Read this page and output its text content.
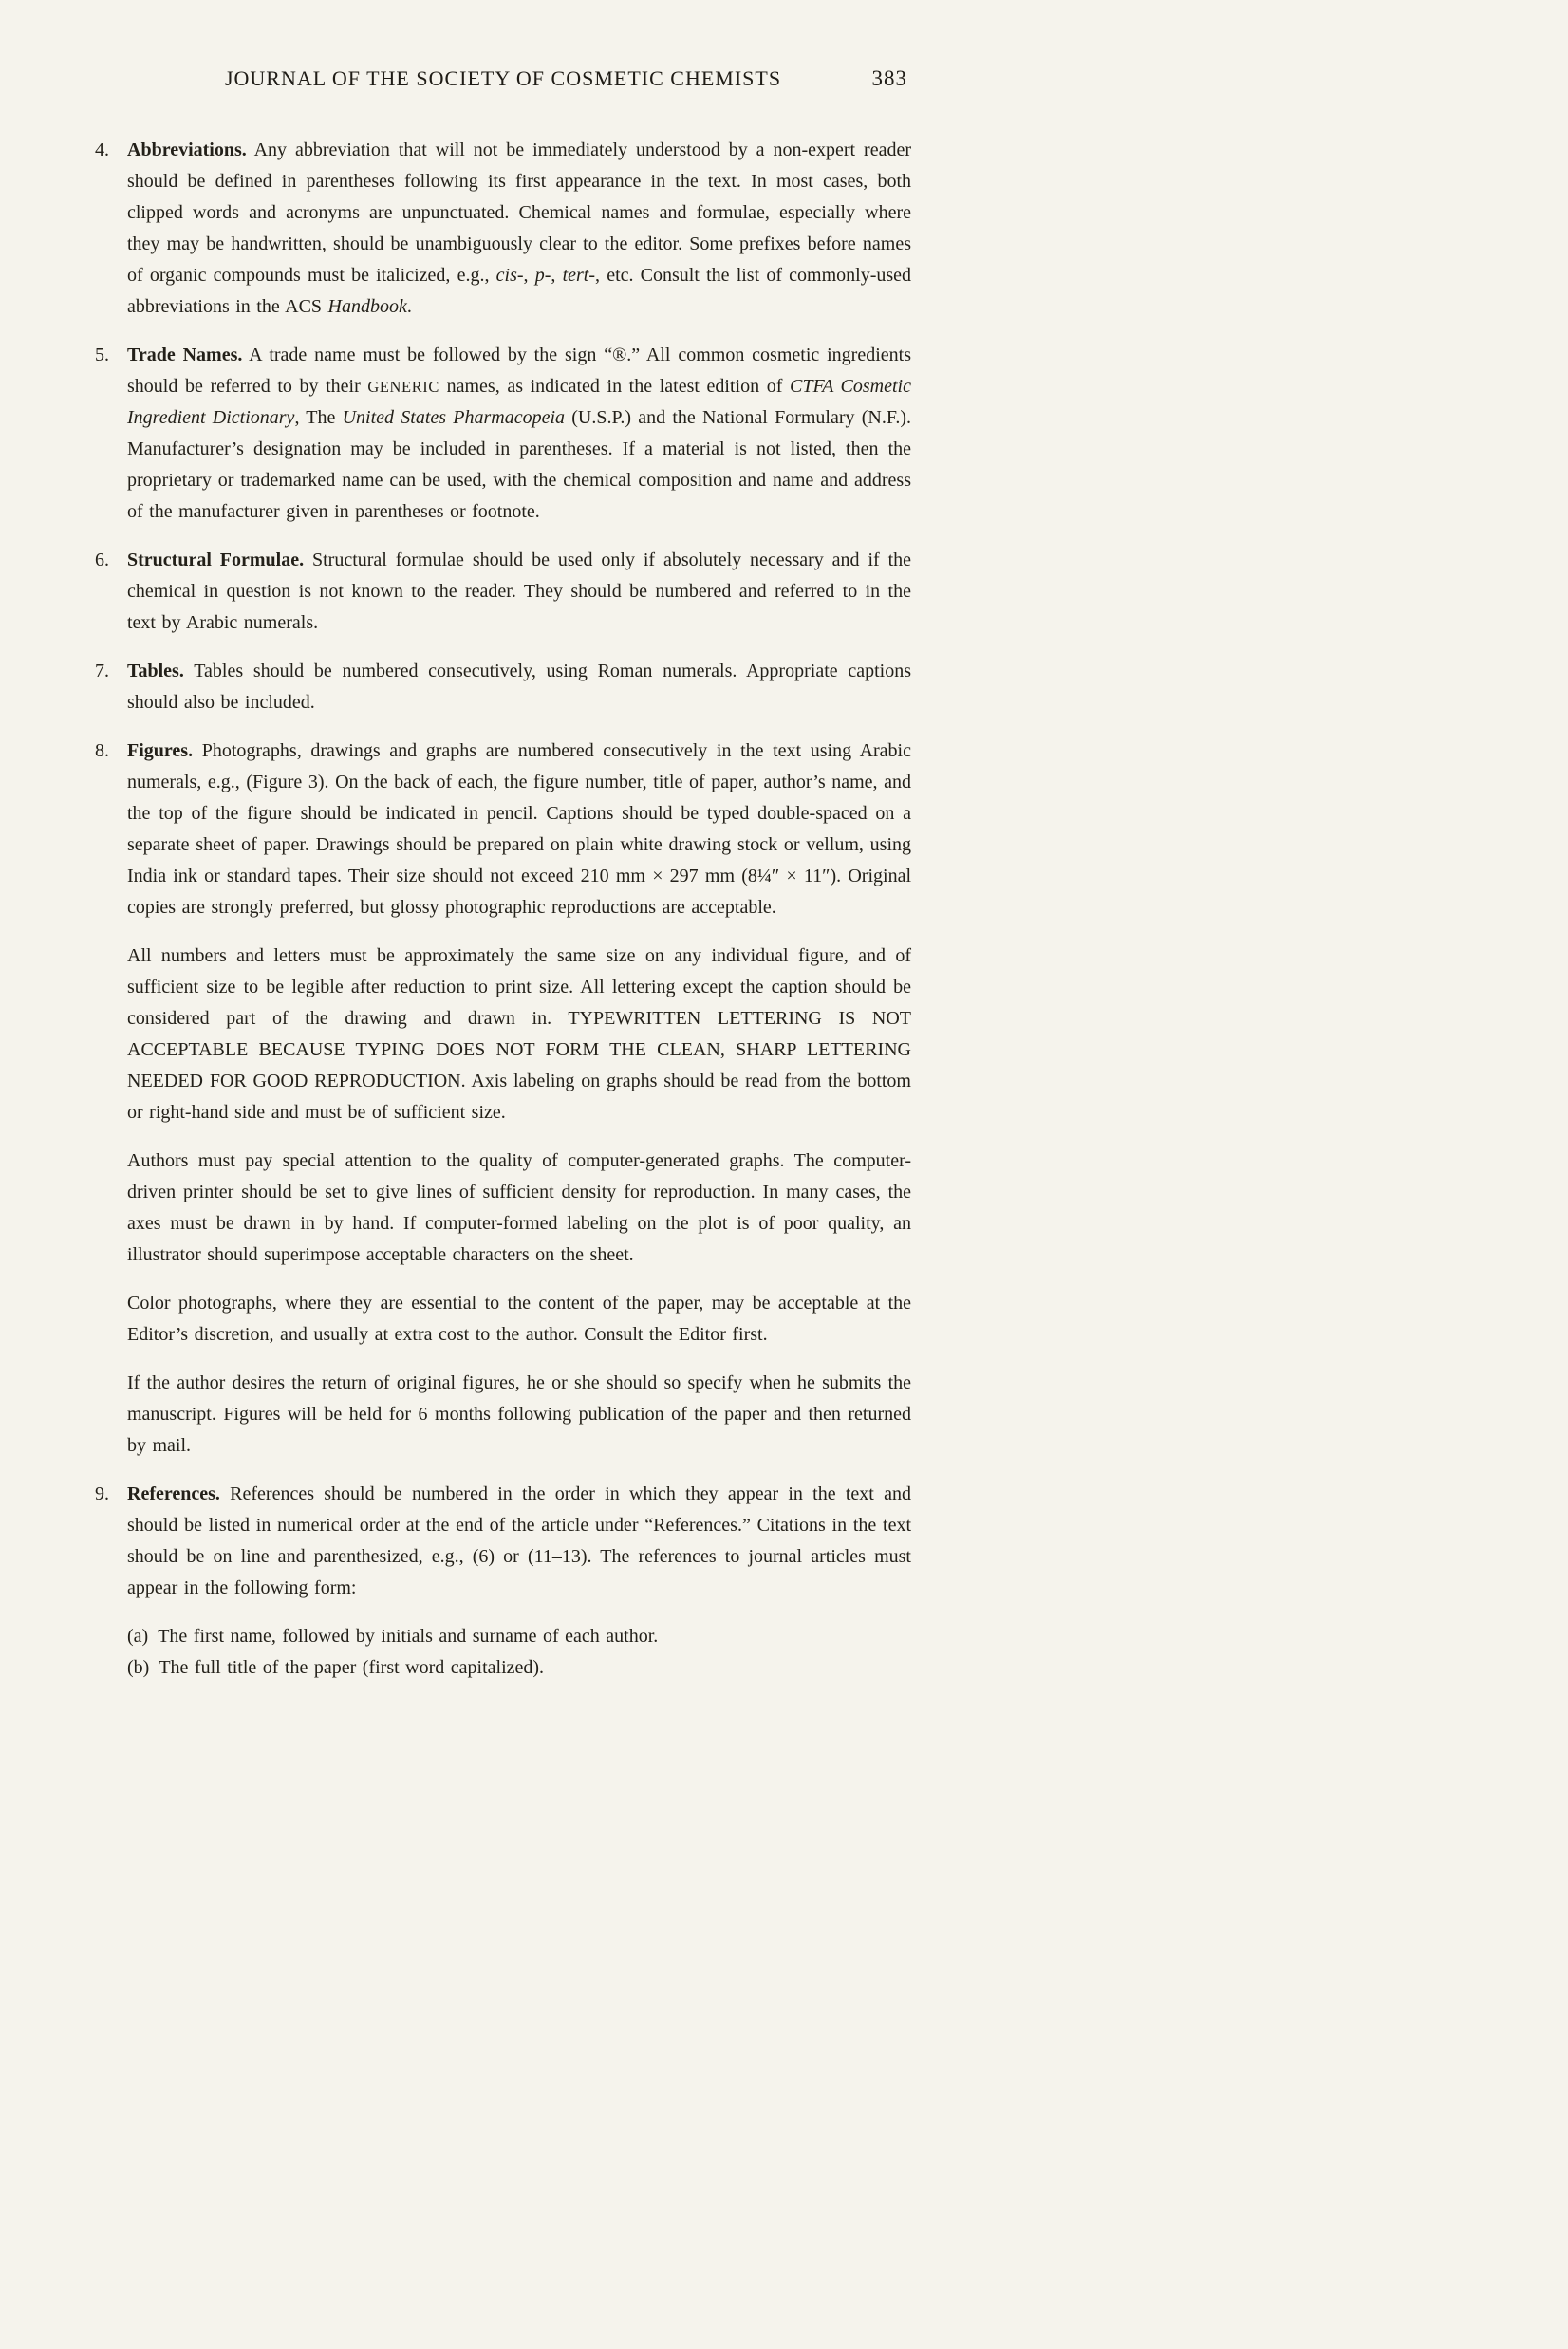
JOURNAL OF THE SOCIETY OF COSMETIC CHEMISTS	383
4. Abbreviations. Any abbreviation that will not be immediately understood by a non-expert reader should be defined in parentheses following its first appearance in the text. In most cases, both clipped words and acronyms are unpunctuated. Chemical names and formulae, especially where they may be handwritten, should be unambiguously clear to the editor. Some prefixes before names of organic compounds must be italicized, e.g., cis-, p-, tert-, etc. Consult the list of commonly-used abbreviations in the ACS Handbook.

5. Trade Names. A trade name must be followed by the sign “®.” All common cosmetic ingredients should be referred to by their GENERIC names, as indicated in the latest edition of CTFA Cosmetic Ingredient Dictionary, The United States Pharmacopeia (U.S.P.) and the National Formulary (N.F.). Manufacturer’s designation may be included in parentheses. If a material is not listed, then the proprietary or trademarked name can be used, with the chemical composition and name and address of the manufacturer given in parentheses or footnote.

6. Structural Formulae. Structural formulae should be used only if absolutely necessary and if the chemical in question is not known to the reader. They should be numbered and referred to in the text by Arabic numerals.

7. Tables. Tables should be numbered consecutively, using Roman numerals. Appropriate captions should also be included.

8. Figures. Photographs, drawings and graphs are numbered consecutively in the text using Arabic numerals, e.g., (Figure 3). On the back of each, the figure number, title of paper, author’s name, and the top of the figure should be indicated in pencil. Captions should be typed double-spaced on a separate sheet of paper. Drawings should be prepared on plain white drawing stock or vellum, using India ink or standard tapes. Their size should not exceed 210 mm × 297 mm (8¼″ × 11″). Original copies are strongly preferred, but glossy photographic reproductions are acceptable.

All numbers and letters must be approximately the same size on any individual figure, and of sufficient size to be legible after reduction to print size. All lettering except the caption should be considered part of the drawing and drawn in. TYPEWRITTEN LETTERING IS NOT ACCEPTABLE BECAUSE TYPING DOES NOT FORM THE CLEAN, SHARP LETTERING NEEDED FOR GOOD REPRODUCTION. Axis labeling on graphs should be read from the bottom or right-hand side and must be of sufficient size.

Authors must pay special attention to the quality of computer-generated graphs. The computer-driven printer should be set to give lines of sufficient density for reproduction. In many cases, the axes must be drawn in by hand. If computer-formed labeling on the plot is of poor quality, an illustrator should superimpose acceptable characters on the sheet.

Color photographs, where they are essential to the content of the paper, may be acceptable at the Editor’s discretion, and usually at extra cost to the author. Consult the Editor first.

If the author desires the return of original figures, he or she should so specify when he submits the manuscript. Figures will be held for 6 months following publication of the paper and then returned by mail.

9. References. References should be numbered in the order in which they appear in the text and should be listed in numerical order at the end of the article under “References.” Citations in the text should be on line and parenthesized, e.g., (6) or (11–13). The references to journal articles must appear in the following form:

(a) The first name, followed by initials and surname of each author.

(b) The full title of the paper (first word capitalized).
